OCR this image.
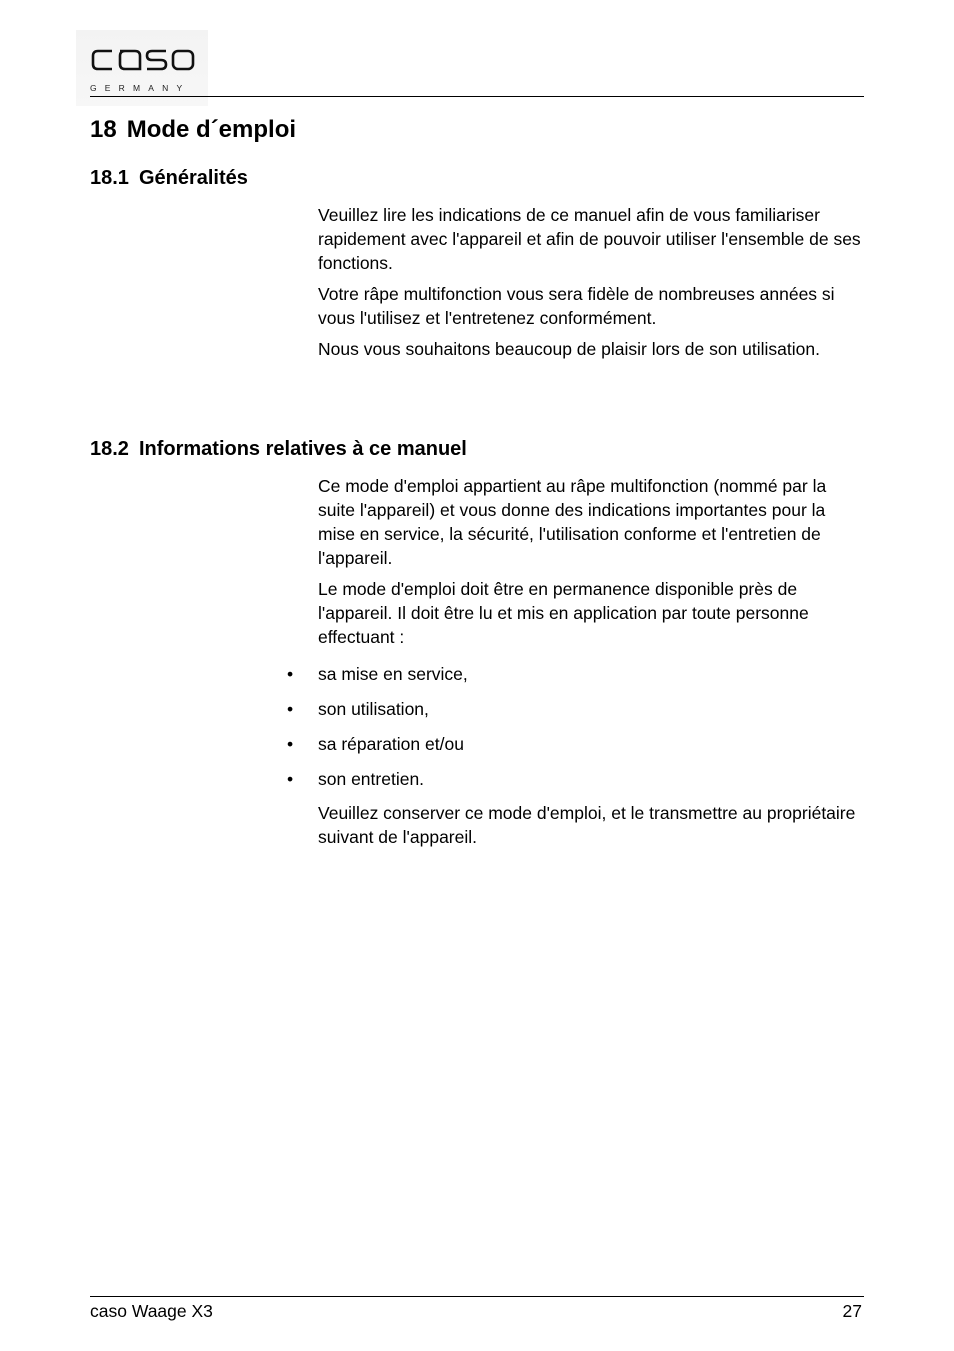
GERMANY
18 Mode d´emploi
18.1 Généralités

Veuillez lire les indications de ce manuel afin de vous familiariser rapidement avec l'appareil et afin de pouvoir utiliser l'ensemble de ses fonctions.

Votre râpe multifonction vous sera fidèle de nombreuses années si vous l'utilisez et l'entretenez conformément.

Nous vous souhaitons beaucoup de plaisir lors de son utilisation.

18.2 Informations relatives à ce manuel

Ce mode d'emploi appartient au râpe multifonction (nommé par la suite l'appareil) et vous donne des indications importantes pour la mise en service, la sécurité, l'utilisation conforme et l'entretien de l'appareil.

Le mode d'emploi doit être en permanence disponible près de l'appareil. Il doit être lu et mis en application par toute personne effectuant :

• sa mise en service,
• son utilisation,
• sa réparation et/ou
• son entretien.

Veuillez conserver ce mode d'emploi, et le transmettre au propriétaire suivant de l'appareil.

caso Waage X3	27
